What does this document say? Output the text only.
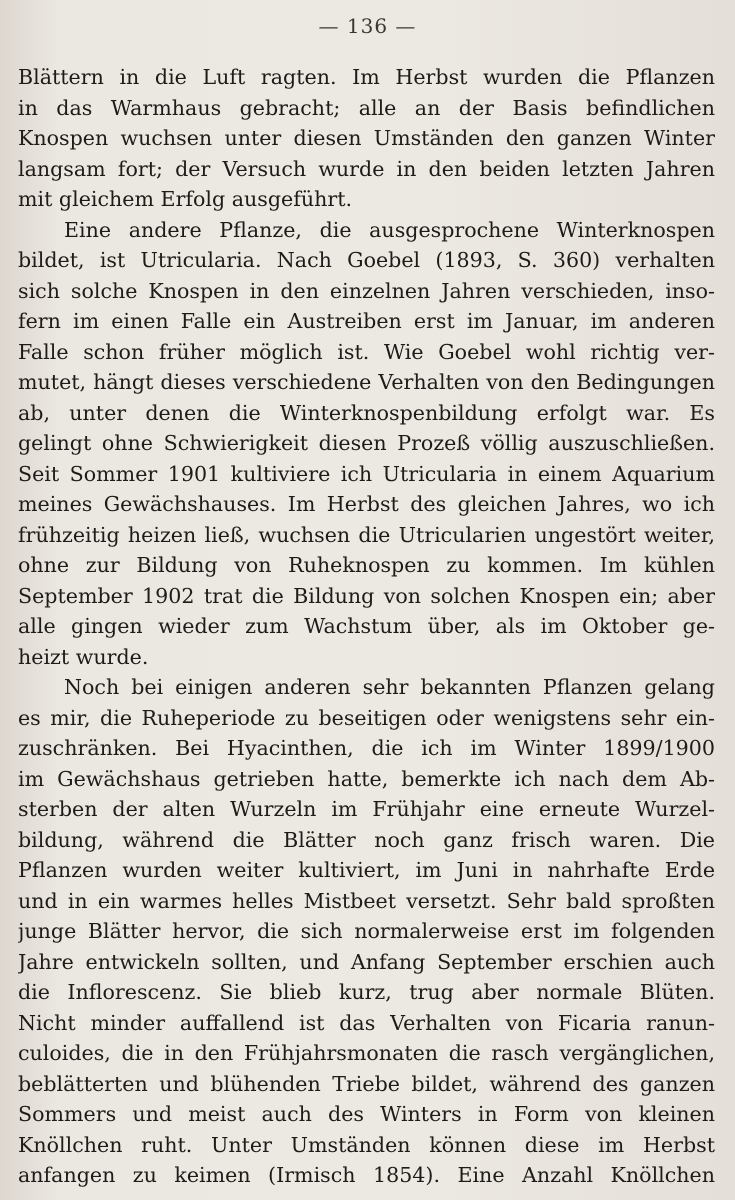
— 136 —
Blättern in die Luft ragten. Im Herbst wurden die Pflanzen
in das Warmhaus gebracht; alle an der Basis befindlichen
Knospen wuchsen unter diesen Umständen den ganzen Winter
langsam fort; der Versuch wurde in den beiden letzten Jahren
mit gleichem Erfolg ausgeführt.
Eine andere Pflanze, die ausgesprochene Winterknospen
bildet, ist Utricularia. Nach Goebel (1893, S. 360) verhalten
sich solche Knospen in den einzelnen Jahren verschieden, inso-
fern im einen Falle ein Austreiben erst im Januar, im anderen
Falle schon früher möglich ist. Wie Goebel wohl richtig ver-
mutet, hängt dieses verschiedene Verhalten von den Bedingungen
ab, unter denen die Winterknospenbildung erfolgt war. Es
gelingt ohne Schwierigkeit diesen Prozeß völlig auszuschließen.
Seit Sommer 1901 kultiviere ich Utricularia in einem Aquarium
meines Gewächshauses. Im Herbst des gleichen Jahres, wo ich
frühzeitig heizen ließ, wuchsen die Utricularien ungestört weiter,
ohne zur Bildung von Ruheknospen zu kommen. Im kühlen
September 1902 trat die Bildung von solchen Knospen ein; aber
alle gingen wieder zum Wachstum über, als im Oktober ge-
heizt wurde.
Noch bei einigen anderen sehr bekannten Pflanzen gelang
es mir, die Ruheperiode zu beseitigen oder wenigstens sehr ein-
zuschränken. Bei Hyacinthen, die ich im Winter 1899/1900
im Gewächshaus getrieben hatte, bemerkte ich nach dem Ab-
sterben der alten Wurzeln im Frühjahr eine erneute Wurzel-
bildung, während die Blätter noch ganz frisch waren. Die
Pflanzen wurden weiter kultiviert, im Juni in nahrhafte Erde
und in ein warmes helles Mistbeet versetzt. Sehr bald sproßten
junge Blätter hervor, die sich normalerweise erst im folgenden
Jahre entwickeln sollten, und Anfang September erschien auch
die Inflorescenz. Sie blieb kurz, trug aber normale Blüten.
Nicht minder auffallend ist das Verhalten von Ficaria ranun-
culoides, die in den Frühjahrsmonaten die rasch vergänglichen,
beblätterten und blühenden Triebe bildet, während des ganzen
Sommers und meist auch des Winters in Form von kleinen
Knöllchen ruht. Unter Umständen können diese im Herbst
anfangen zu keimen (Irmisch 1854). Eine Anzahl Knöllchen
